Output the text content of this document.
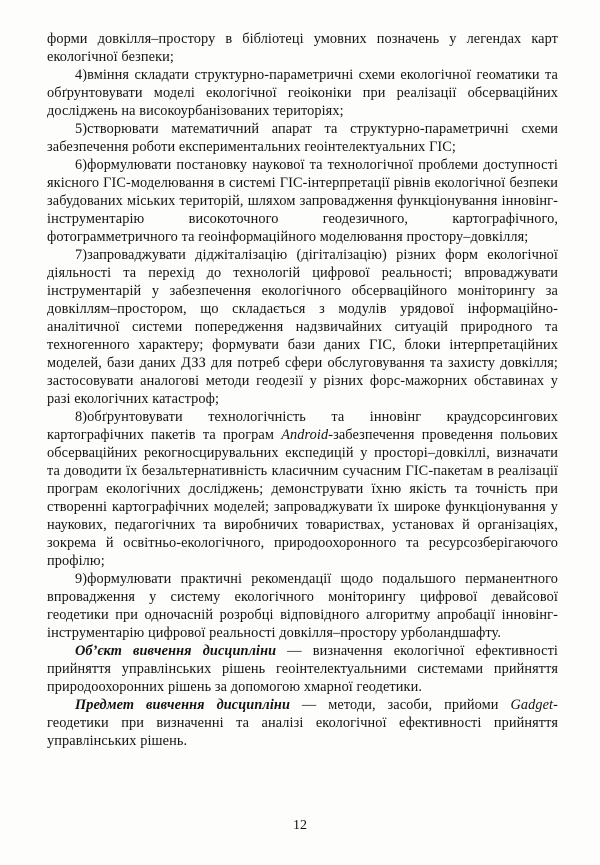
форми довкілля–простору в бібліотеці умовних позначень у легендах карт екологічної безпеки;

4)вміння складати структурно-параметричні схеми екологічної геоматики та обґрунтовувати моделі екологічної геоіконіки при реалізації обсерваційних досліджень на високоурбанізованих територіях;

5)створювати математичний апарат та структурно-параметричні схеми забезпечення роботи експериментальних геоінтелектуальних ГІС;

6)формулювати постановку наукової та технологічної проблеми доступності якісного ГІС-моделювання в системі ГІС-інтерпретації рівнів екологічної безпеки забудованих міських територій, шляхом запровадження функціонування інновінг-інструментарію високоточного геодезичного, картографічного, фотограмметричного та геоінформаційного моделювання простору–довкілля;

7)запроваджувати діджіталізацію (дігіталізацію) різних форм екологічної діяльності та перехід до технологій цифрової реальності; впроваджувати інструментарій у забезпечення екологічного обсерваційного моніторингу за довкіллям–простором, що складається з модулів урядової інформаційно-аналітичної системи попередження надзвичайних ситуацій природного та техногенного характеру; формувати бази даних ГІС, блоки інтерпретаційних моделей, бази даних ДЗЗ для потреб сфери обслуговування та захисту довкілля; застосовувати аналогові методи геодезії у різних форс-мажорних обставинах у разі екологічних катастроф;

8)обґрунтовувати технологічність та інновінг краудсорсингових картографічних пакетів та програм Android-забезпечення проведення польових обсерваційних рекогносцирувальних експедицій у просторі–довкіллі, визначати та доводити їх безальтернативність класичним сучасним ГІС-пакетам в реалізації програм екологічних досліджень; демонструвати їхню якість та точність при створенні картографічних моделей; запроваджувати їх широке функціонування у наукових, педагогічних та виробничих товариствах, установах й організаціях, зокрема й освітньо-екологічного, природоохоронного та ресурсозберігаючого профілю;

9)формулювати практичні рекомендації щодо подальшого перманентного впровадження у систему екологічного моніторингу цифрової девайсової геодетики при одночасній розробці відповідного алгоритму апробації інновінг-інструментарію цифрової реальності довкілля–простору урболандшафту.

Об’єкт вивчення дисципліни — визначення екологічної ефективності прийняття управлінських рішень геоінтелектуальними системами прийняття природоохоронних рішень за допомогою хмарної геодетики.

Предмет вивчення дисципліни — методи, засоби, прийоми Gadget-геодетики при визначенні та аналізі екологічної ефективності прийняття управлінських рішень.

12
